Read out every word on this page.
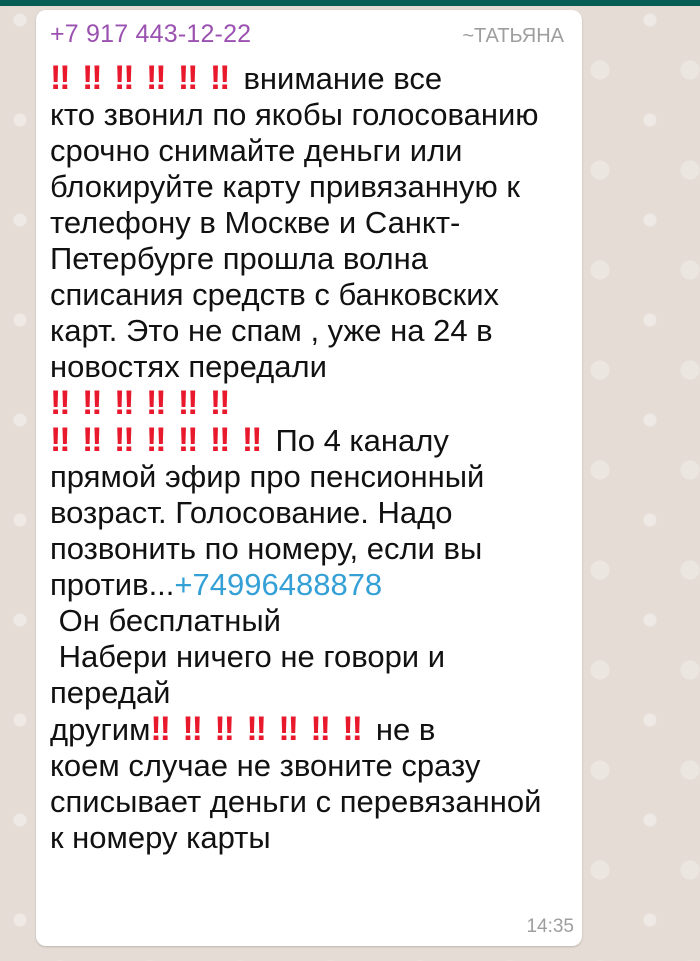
+7 917 443-12-22	~ТАТЬЯНА
‼ ‼ ‼ ‼ ‼ ‼ внимание все
кто звонил по якобы голосованию
срочно снимайте деньги или
блокируйте карту привязанную к
телефону в Москве и Санкт-
Петербурге прошла волна
списания средств с банковских
карт. Это не спам , уже на 24 в
новостях передали
‼ ‼ ‼ ‼ ‼ ‼
‼ ‼ ‼ ‼ ‼ ‼ ‼ По 4 каналу
прямой эфир про пенсионный
возраст. Голосование. Надо
позвонить по номеру, если вы
против...+74996488878
Он бесплатный
Набери ничего не говори и
передай
другим‼ ‼ ‼ ‼ ‼ ‼ ‼ не в
коем случае не звоните сразу
списывает деньги с перевязанной
к номеру карты
14:35
